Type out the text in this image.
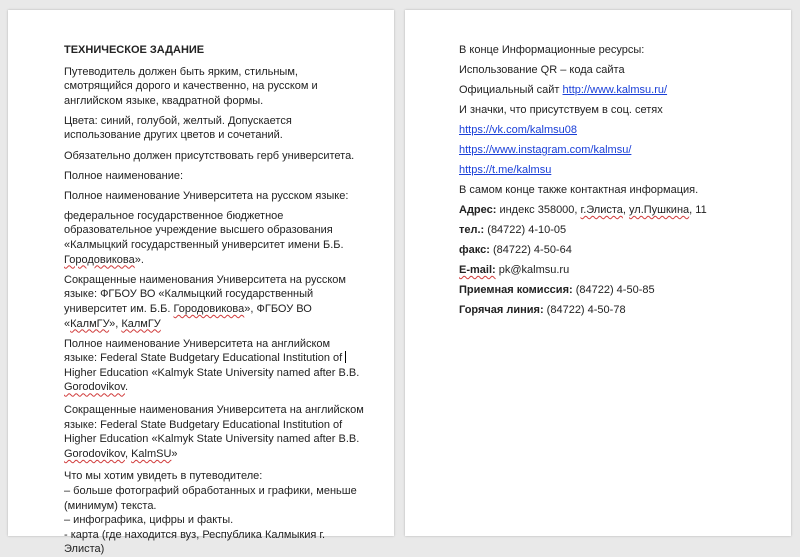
ТЕХНИЧЕСКОЕ ЗАДАНИЕ
Путеводитель должен быть ярким, стильным, смотрящийся дорого и качественно, на русском и английском языке, квадратной формы.
Цвета: синий, голубой, желтый. Допускается использование других цветов и сочетаний.
Обязательно должен присутствовать герб университета.
Полное наименование:
Полное наименование Университета на русском языке:
федеральное государственное бюджетное образовательное учреждение высшего образования «Калмыцкий государственный университет имени Б.Б. Городовикова».
Сокращенные наименования Университета на русском языке: ФГБОУ ВО «Калмыцкий государственный университет им. Б.Б. Городовикова», ФГБОУ ВО «КалмГУ», КалмГУ
Полное наименование Университета на английском языке: Federal State Budgetary Educational Institution of Higher Education «Kalmyk State University named after B.B. Gorodovikov.
Сокращенные наименования Университета на английском языке: Federal State Budgetary Educational Institution of Higher Education «Kalmyk State University named after B.B. Gorodovikov, KalmSU»
Что мы хотим увидеть в путеводителе:
– больше фотографий обработанных и графики, меньше (минимум) текста.
– инфографика, цифры и факты.
- карта (где находится вуз, Республика Калмыкия г. Элиста)
В конце Информационные ресурсы:
Использование QR – кода сайта
Официальный сайт http://www.kalmsu.ru/
И значки, что присутствуем в соц. сетях
https://vk.com/kalmsu08
https://www.instagram.com/kalmsu/
https://t.me/kalmsu
В самом конце также контактная информация.
Адрес: индекс 358000, г.Элиста, ул.Пушкина, 11
тел.: (84722) 4-10-05
факс: (84722) 4-50-64
E-mail: pk@kalmsu.ru
Приемная комиссия: (84722) 4-50-85
Горячая линия: (84722) 4-50-78
